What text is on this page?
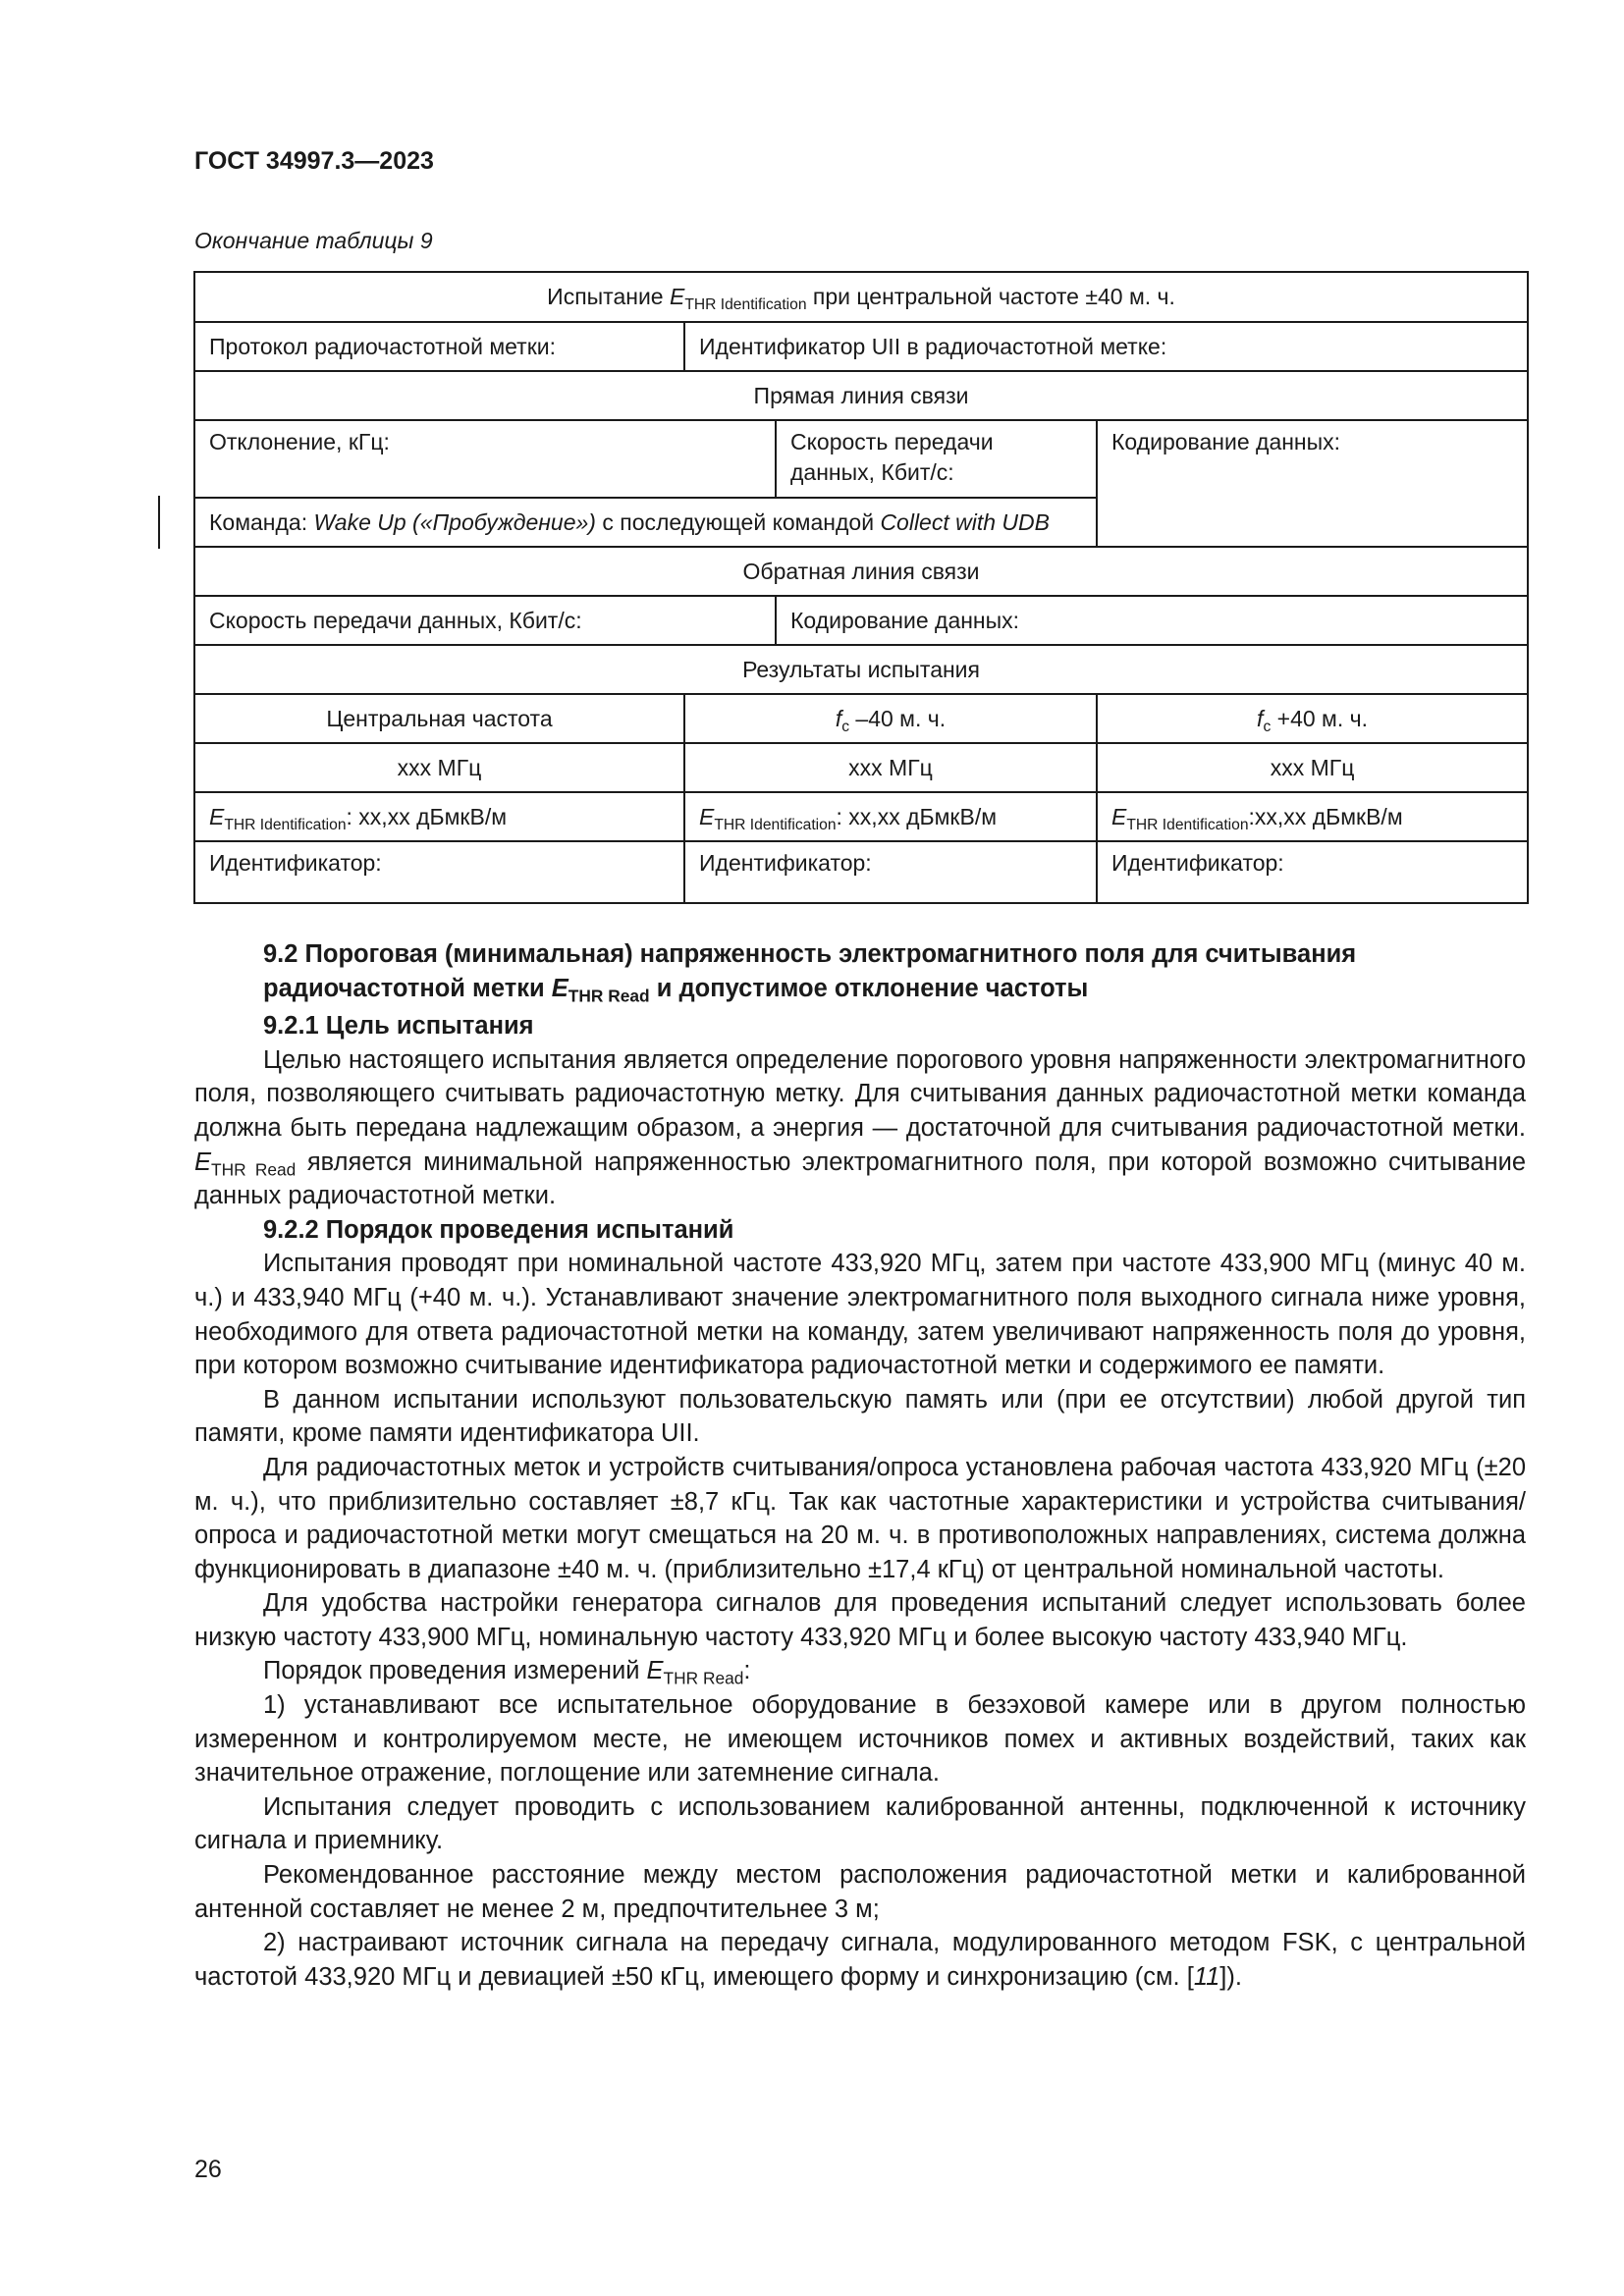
ГОСТ 34997.3—2023
Окончание таблицы 9
Испытание $E_{THR Identification}$ при центральной частоте ±40 м. ч.			
Протокол радиочастотной метки:	Идентификатор UII в радиочастотной метке:		
Прямая линия связи			
Отклонение, кГц:		Скорость передачи данных, Кбит/с:	Кодирование данных:
Команда: Wake Up («Пробуждение») с последующей командой Collect with UDB			
Обратная линия связи			
Скорость передачи данных, Кбит/с:		Кодирование данных:	
Результаты испытания			
Центральная частота	$f_c$ –40 м. ч.		$f_c +40$ м. ч.
ххх МГц	ххх МГц		ххх МГц
$E_{THR Identification}$: xx,xx дБмкВ/м	$E_{THR Identification}$: xx,xx дБмкВ/м		$E_{THR Identification}:xx,xx$ дБмкВ/м
Идентификатор:	Идентификатор:		Идентификатор:
9.2 Пороговая (минимальная) напряженность электромагнитного поля для считывания радиочастотной метки $E_{THR Read}$ и допустимое отклонение частоты
9.2.1 Цель испытания

Целью настоящего испытания является определение порогового уровня напряженности электромагнитного поля, позволяющего считывать радиочастотную метку. Для считывания данных радиочастотной метки команда должна быть передана надлежащим образом, а энергия — достаточной для считывания радиочастотной метки. $E_{THR Read}$ является минимальной напряженностью электромагнитного поля, при которой возможно считывание данных радиочастотной метки.

9.2.2 Порядок проведения испытаний

Испытания проводят при номинальной частоте 433,920 МГц, затем при частоте 433,900 МГц (минус 40 м. ч.) и 433,940 МГц (+40 м. ч.). Устанавливают значение электромагнитного поля выходного сигнала ниже уровня, необходимого для ответа радиочастотной метки на команду, затем увеличивают напряженность поля до уровня, при котором возможно считывание идентификатора радиочастотной метки и содержимого ее памяти.

В данном испытании используют пользовательскую память или (при ее отсутствии) любой другой тип памяти, кроме памяти идентификатора UII.

Для радиочастотных меток и устройств считывания/опроса установлена рабочая частота 433,920 МГц (±20 м. ч.), что приблизительно составляет ±8,7 кГц. Так как частотные характеристики и устройства считывания/опроса и радиочастотной метки могут смещаться на 20 м. ч. в противоположных направлениях, система должна функционировать в диапазоне ±40 м. ч. (приблизительно ±17,4 кГц) от центральной номинальной частоты.

Для удобства настройки генератора сигналов для проведения испытаний следует использовать более низкую частоту 433,900 МГц, номинальную частоту 433,920 МГц и более высокую частоту 433,940 МГц.

Порядок проведения измерений $E_{THR Read}$:

1) устанавливают все испытательное оборудование в безэховой камере или в другом полностью измеренном и контролируемом месте, не имеющем источников помех и активных воздействий, таких как значительное отражение, поглощение или затемнение сигнала.

Испытания следует проводить с использованием калиброванной антенны, подключенной к источнику сигнала и приемнику.

Рекомендованное расстояние между местом расположения радиочастотной метки и калиброванной антенной составляет не менее 2 м, предпочтительнее 3 м;

2) настраивают источник сигнала на передачу сигнала, модулированного методом FSK, с центральной частотой 433,920 МГц и девиацией ±50 кГц, имеющего форму и синхронизацию (см. [11]).

26
